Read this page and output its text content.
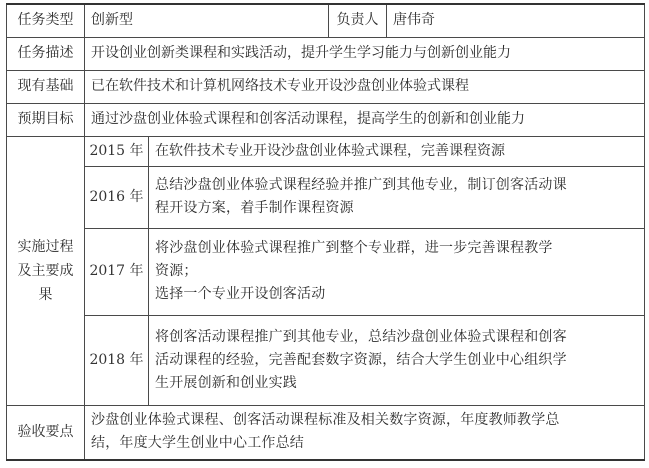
任务类型	创新型		负责人	唐伟奇
任务描述	开设创业创新类课程和实践活动，提升学生学习能力与创新创业能力			
现有基础	已在软件技术和计算机网络技术专业开设沙盘创业体验式课程			
预期目标	通过沙盘创业体验式课程和创客活动课程，提高学生的创新和创业能力			
实施过程及主要成果	2015 年	在软件技术专业开设沙盘创业体验式课程，完善课程资源		

	2016 年	总结沙盘创业体验式课程经验并推广到其他专业，制订创客活动课
程开设方案，着手制作课程资源		

	2017 年	将沙盘创业体验式课程推广到整个专业群，进一步完善课程教学
资源；
选择一个专业开设创客活动		

	2018 年	将创客活动课程推广到其他专业，总结沙盘创业体验式课程和创客
活动课程的经验，完善配套数字资源，结合大学生创业中心组织学
生开展创新和创业实践		

验收要点	沙盘创业体验式课程、创客活动课程标准及相关数字资源，年度教师教学总
结，年度大学生创业中心工作总结			
